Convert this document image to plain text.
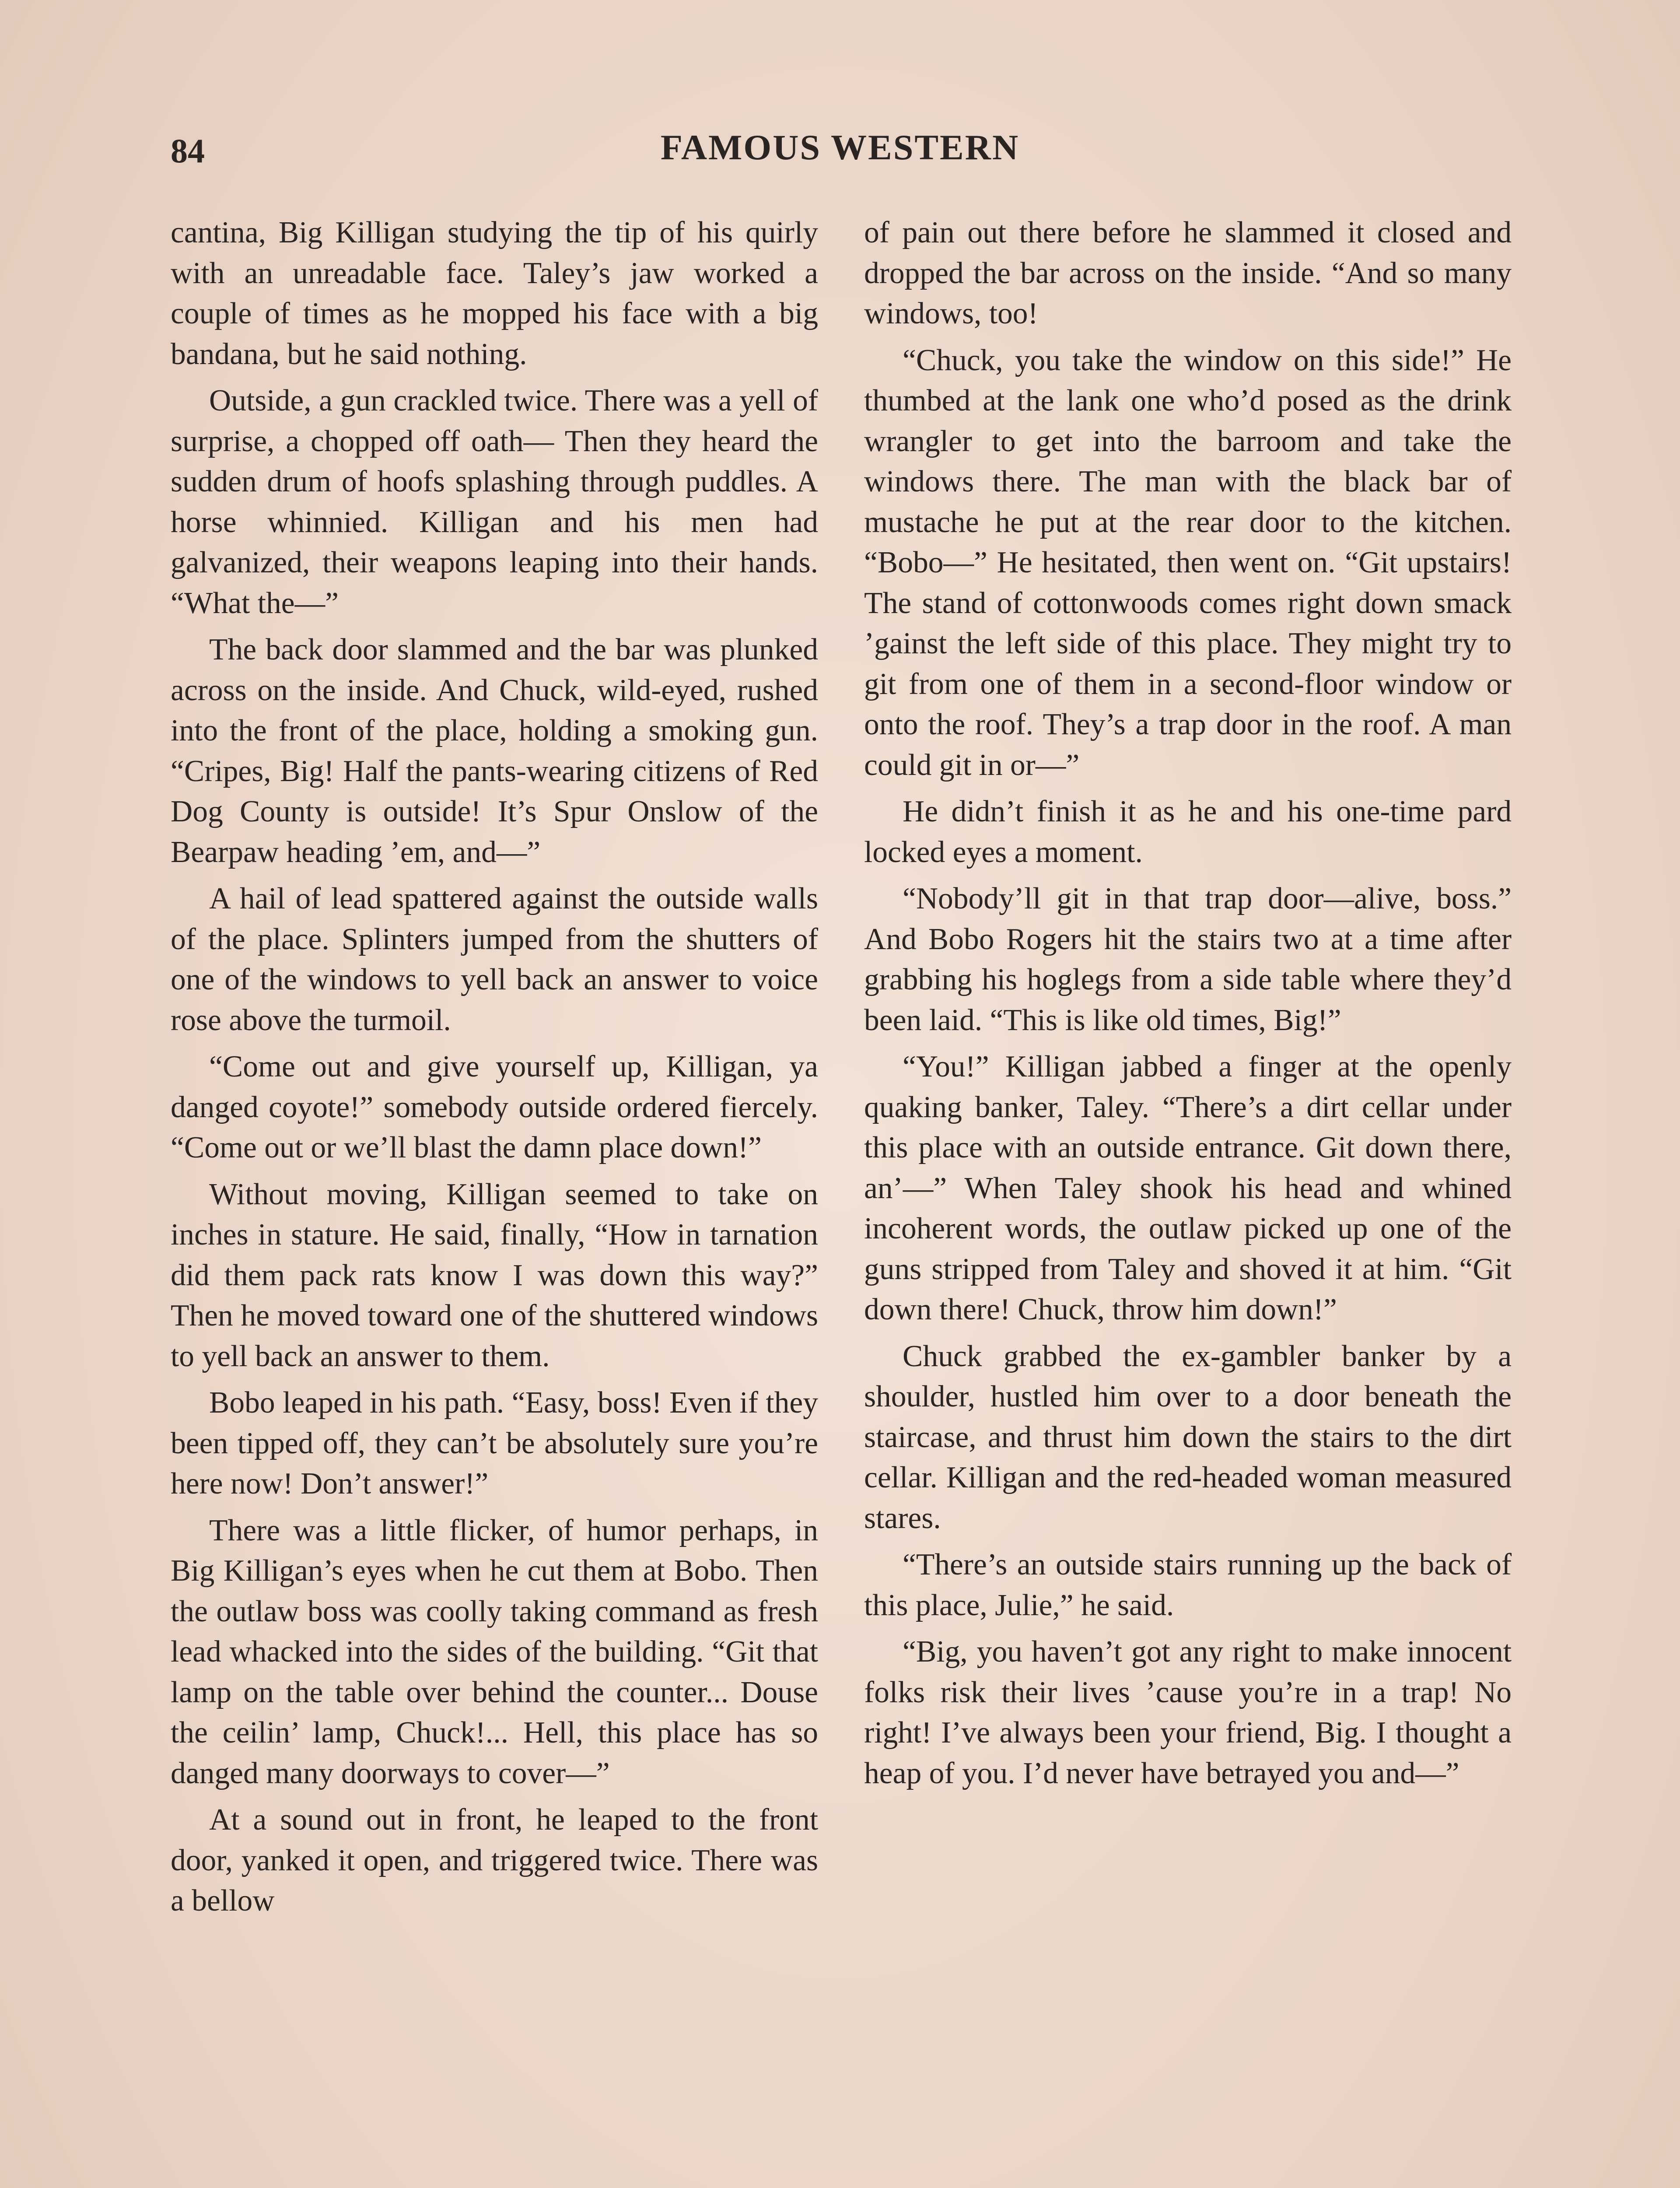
84	FAMOUS WESTERN

cantina, Big Killigan studying the tip of his quirly with an unreadable face. Taley’s jaw worked a couple of times as he mopped his face with a big bandana, but he said nothing.

Outside, a gun crackled twice. There was a yell of surprise, a chopped off oath— Then they heard the sudden drum of hoofs splashing through puddles. A horse whinnied. Killigan and his men had galvanized, their weapons leaping into their hands. “What the—”

The back door slammed and the bar was plunked across on the inside. And Chuck, wild-eyed, rushed into the front of the place, holding a smoking gun. “Cripes, Big! Half the pants-wearing citizens of Red Dog County is outside! It’s Spur Onslow of the Bearpaw heading ’em, and—”

A hail of lead spattered against the outside walls of the place. Splinters jumped from the shutters of one of the windows to yell back an answer to voice rose above the turmoil.

“Come out and give yourself up, Killigan, ya danged coyote!” somebody outside ordered fiercely. “Come out or we’ll blast the damn place down!”

Without moving, Killigan seemed to take on inches in stature. He said, finally, “How in tarnation did them pack rats know I was down this way?” Then he moved toward one of the shuttered windows to yell back an answer to them.

Bobo leaped in his path. “Easy, boss! Even if they been tipped off, they can’t be absolutely sure you’re here now! Don’t answer!”

There was a little flicker, of humor perhaps, in Big Killigan’s eyes when he cut them at Bobo. Then the outlaw boss was coolly taking command as fresh lead whacked into the sides of the building. “Git that lamp on the table over behind the counter... Douse the ceilin’ lamp, Chuck!... Hell, this place has so danged many doorways to cover—”

At a sound out in front, he leaped to the front door, yanked it open, and triggered twice. There was a bellow

of pain out there before he slammed it closed and dropped the bar across on the inside. “And so many windows, too!

“Chuck, you take the window on this side!” He thumbed at the lank one who’d posed as the drink wrangler to get into the barroom and take the windows there. The man with the black bar of mustache he put at the rear door to the kitchen. “Bobo—” He hesitated, then went on. “Git upstairs! The stand of cottonwoods comes right down smack ’gainst the left side of this place. They might try to git from one of them in a second-floor window or onto the roof. They’s a trap door in the roof. A man could git in or—”

He didn’t finish it as he and his one-time pard locked eyes a moment.

“Nobody’ll git in that trap door—alive, boss.” And Bobo Rogers hit the stairs two at a time after grabbing his hoglegs from a side table where they’d been laid. “This is like old times, Big!”

“You!” Killigan jabbed a finger at the openly quaking banker, Taley. “There’s a dirt cellar under this place with an outside entrance. Git down there, an’—” When Taley shook his head and whined incoherent words, the outlaw picked up one of the guns stripped from Taley and shoved it at him. “Git down there! Chuck, throw him down!”

Chuck grabbed the ex-gambler banker by a shoulder, hustled him over to a door beneath the staircase, and thrust him down the stairs to the dirt cellar. Killigan and the red-headed woman measured stares.

“There’s an outside stairs running up the back of this place, Julie,” he said.

“Big, you haven’t got any right to make innocent folks risk their lives ’cause you’re in a trap! No right! I’ve always been your friend, Big. I thought a heap of you. I’d never have betrayed you and—”
